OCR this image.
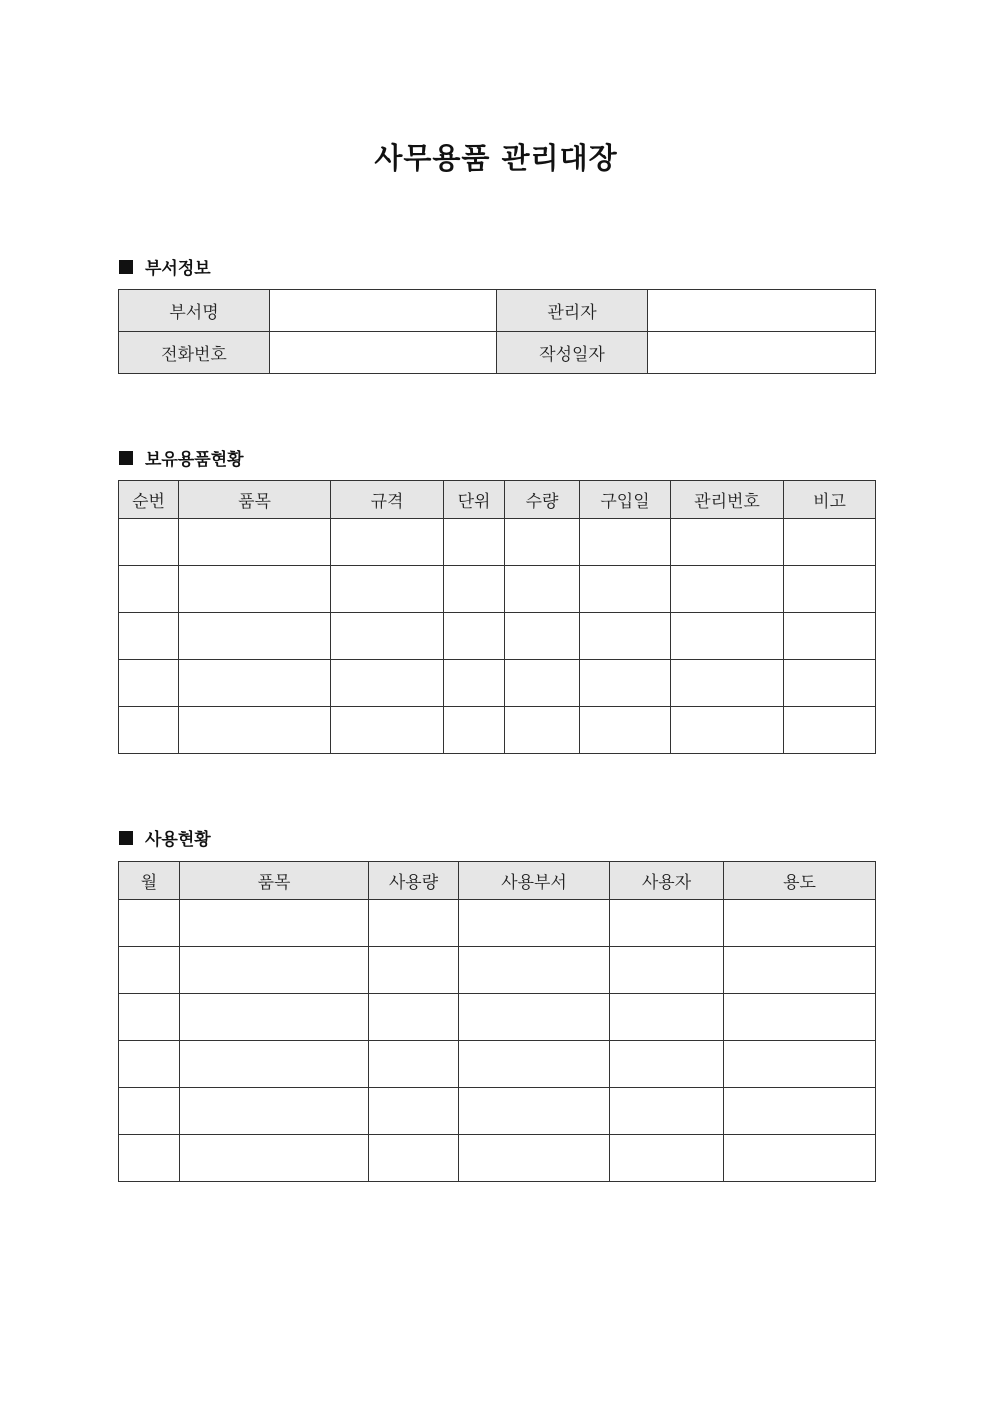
사무용품 관리대장
부서정보
부서명		관리자	
전화번호		작성일자	
보유용품현황
순번	품목	규격	단위	수량	구입일	관리번호	비고

사용현황
월	품목	사용량	사용부서	사용자	용도
